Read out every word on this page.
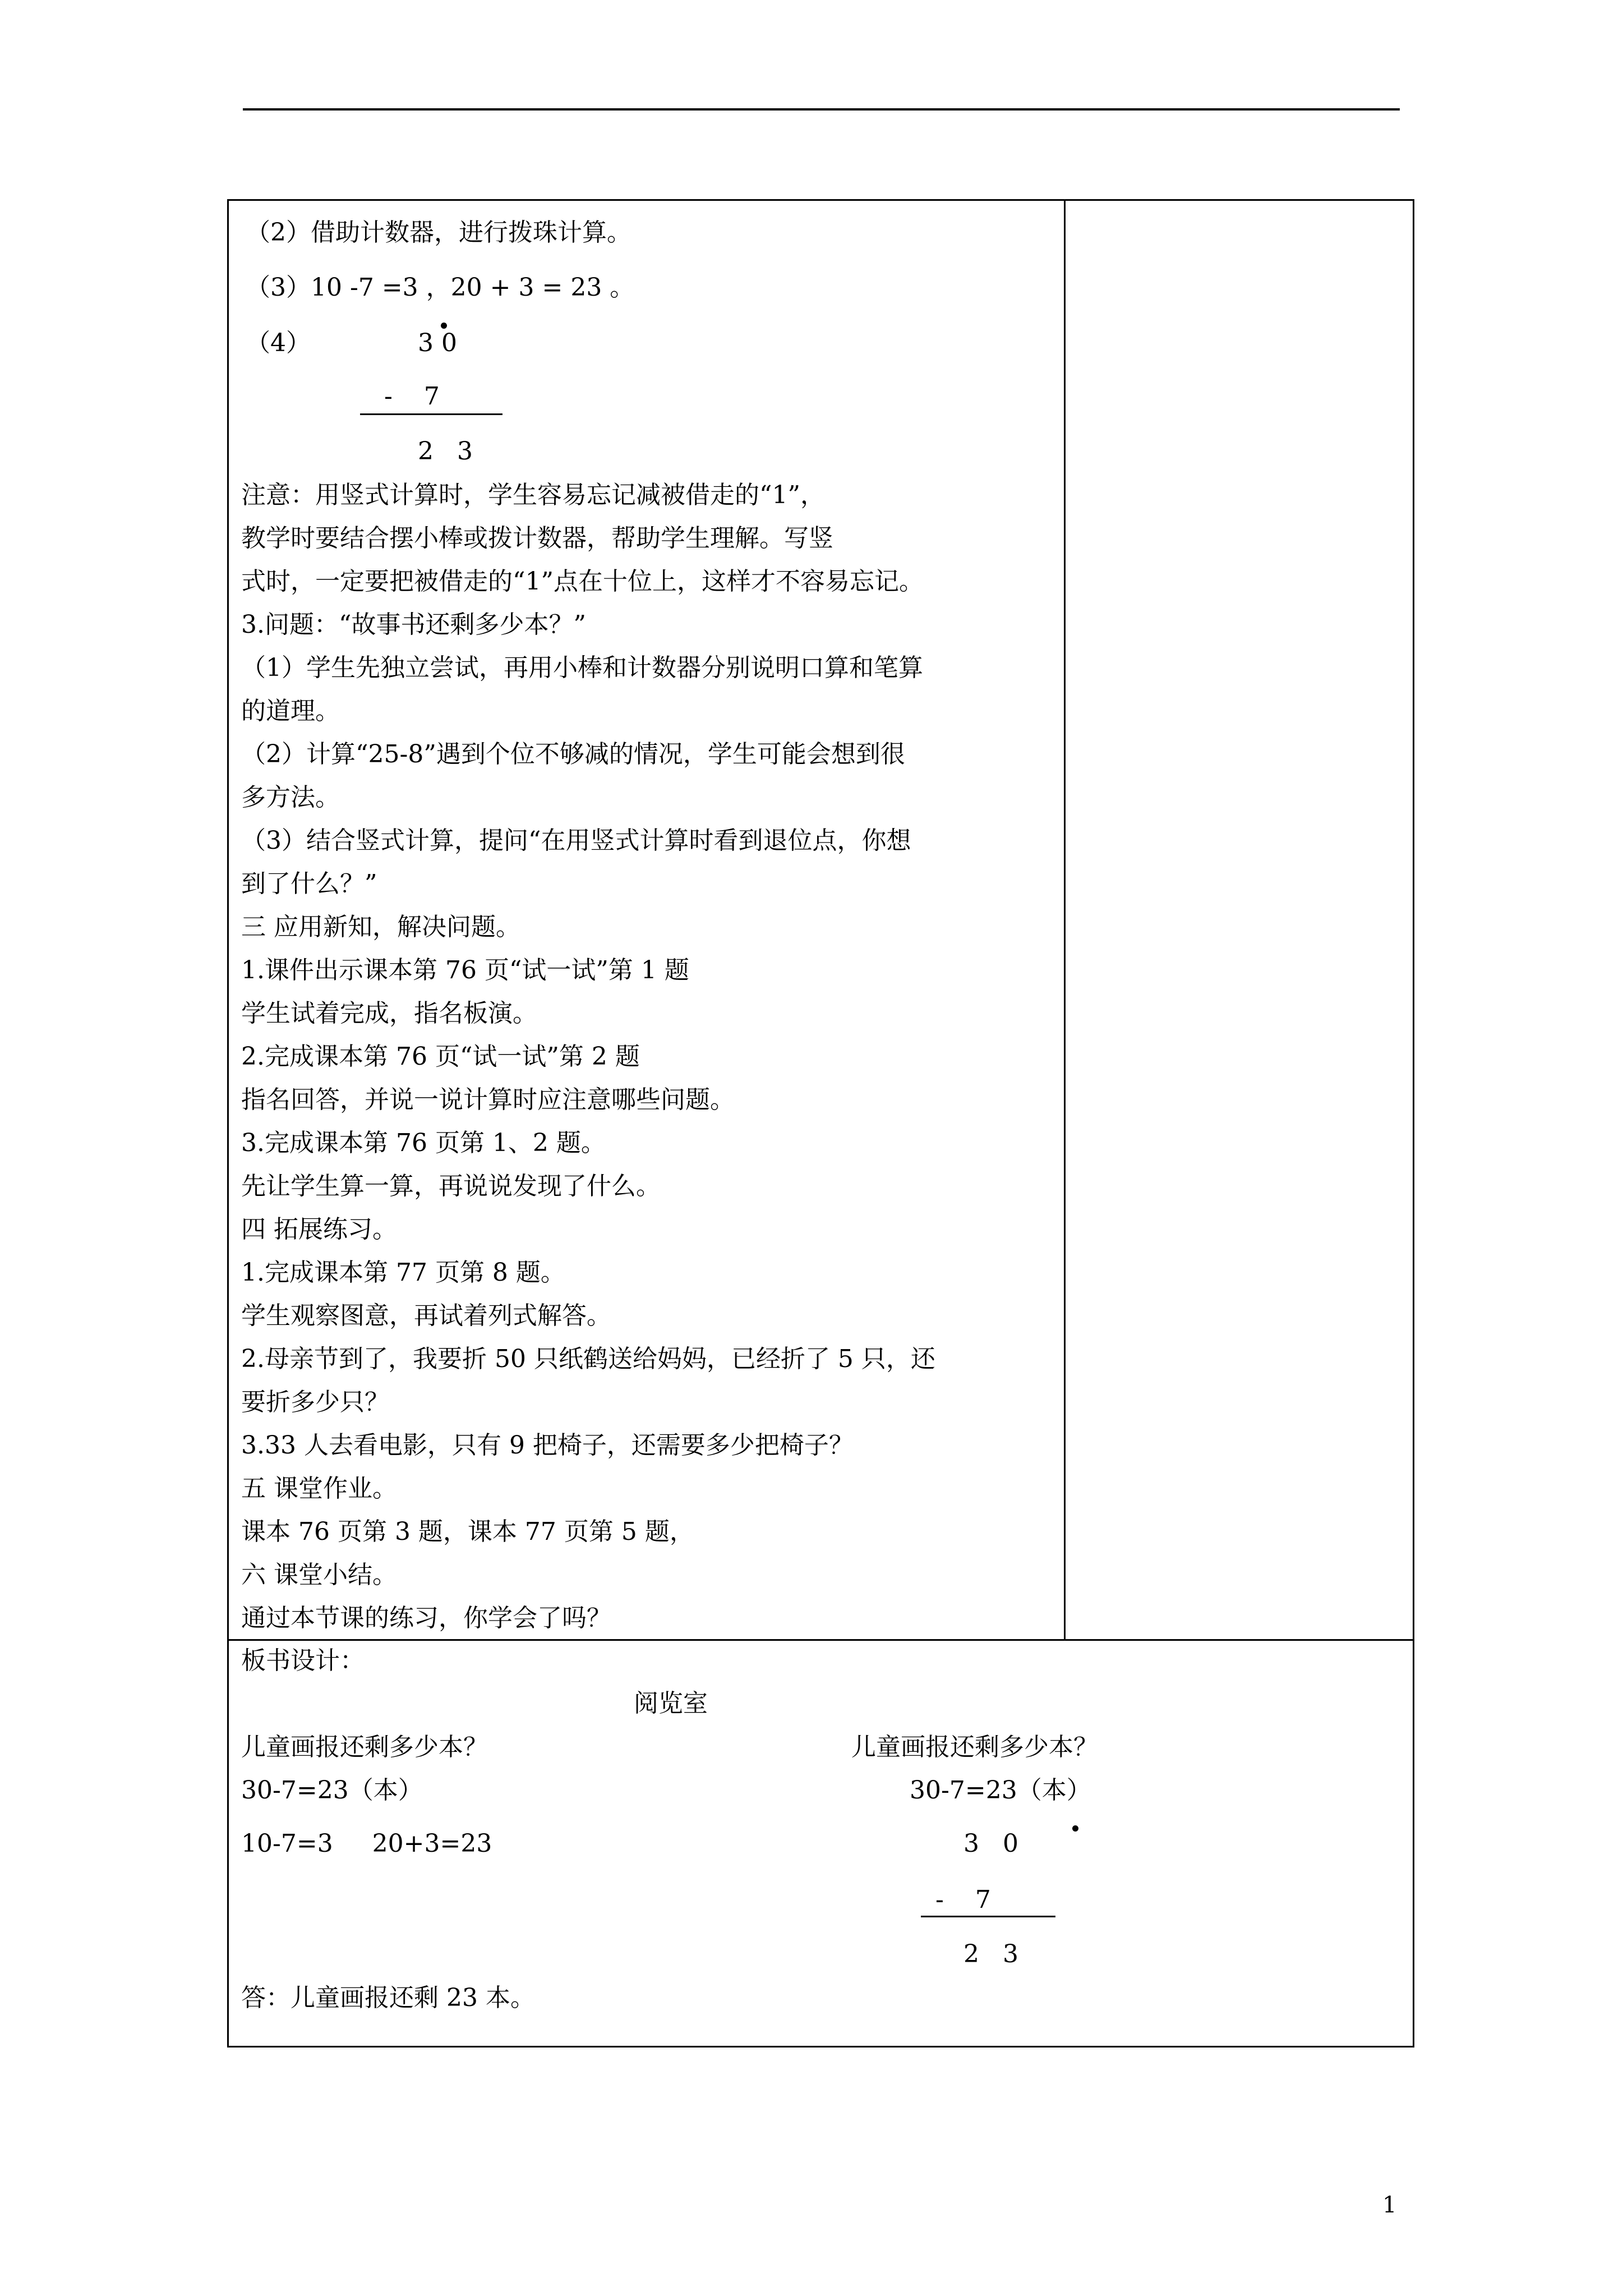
（2）借助计数器，进行拨珠计算。
（3）10 -7 =3 ，20 + 3 = 23 。
（4）	3 0
-    7
2   3
注意：用竖式计算时，学生容易忘记减被借走的“1”，
教学时要结合摆小棒或拨计数器，帮助学生理解。写竖
式时，一定要把被借走的“1”点在十位上，这样才不容易忘记。
3.问题：“故事书还剩多少本？”
（1）学生先独立尝试，再用小棒和计数器分别说明口算和笔算
的道理。
（2）计算“25-8”遇到个位不够减的情况，学生可能会想到很
多方法。
（3）结合竖式计算，提问“在用竖式计算时看到退位点，你想
到了什么？”
三 应用新知，解决问题。
1.课件出示课本第 76 页“试一试”第 1 题
学生试着完成，指名板演。
2.完成课本第 76 页“试一试”第 2 题
指名回答，并说一说计算时应注意哪些问题。
3.完成课本第 76 页第 1、2 题。
先让学生算一算，再说说发现了什么。
四 拓展练习。
1.完成课本第 77 页第 8 题。
学生观察图意，再试着列式解答。
2.母亲节到了，我要折 50 只纸鹤送给妈妈，已经折了 5 只，还
要折多少只？
3.33 人去看电影，只有 9 把椅子，还需要多少把椅子？
五 课堂作业。
课本 76 页第 3 题，课本 77 页第 5 题，
六 课堂小结。
通过本节课的练习，你学会了吗？
板书设计：
阅览室
儿童画报还剩多少本？
30-7=23（本）
10-7=3     20+3=23
儿童画报还剩多少本？
30-7=23（本）
3   0
-    7
2   3
答：儿童画报还剩 23 本。
1
